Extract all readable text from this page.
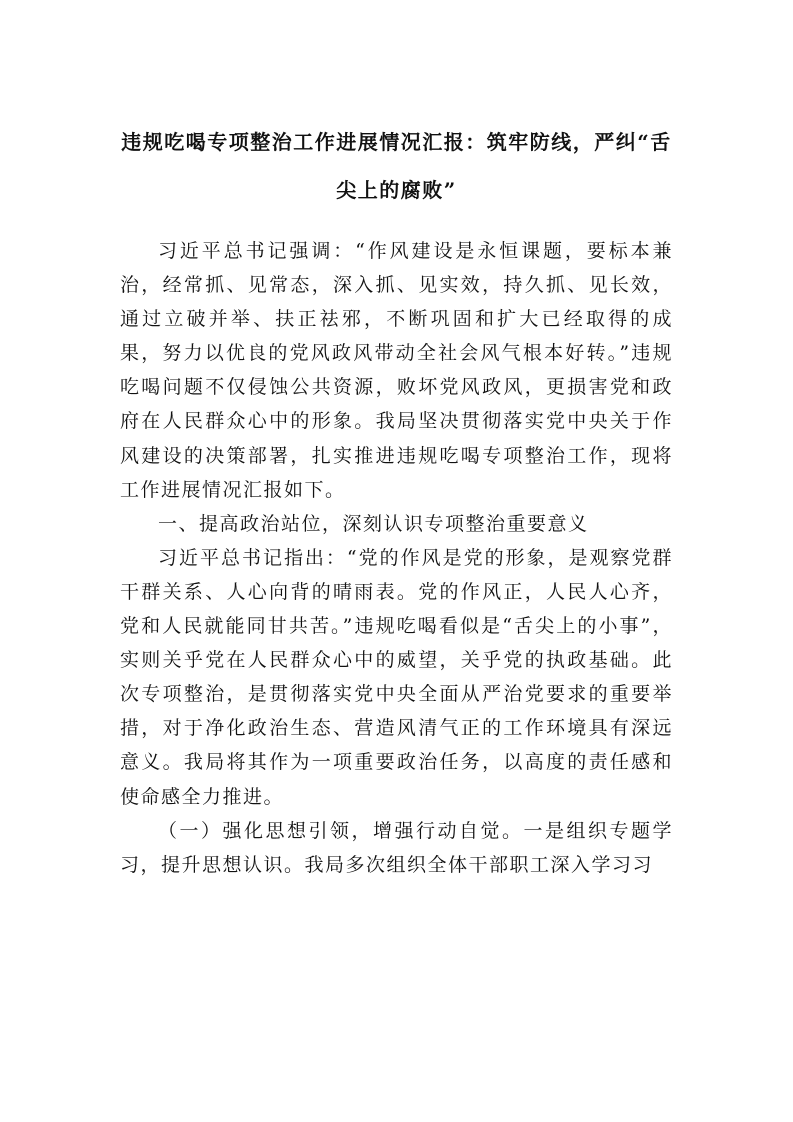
违规吃喝专项整治工作进展情况汇报：筑牢防线，严纠“舌尖上的腐败”

习近平总书记强调：“作风建设是永恒课题，要标本兼治，经常抓、见常态，深入抓、见实效，持久抓、见长效，通过立破并举、扶正祛邪，不断巩固和扩大已经取得的成果，努力以优良的党风政风带动全社会风气根本好转。”违规吃喝问题不仅侵蚀公共资源，败坏党风政风，更损害党和政府在人民群众心中的形象。我局坚决贯彻落实党中央关于作风建设的决策部署，扎实推进违规吃喝专项整治工作，现将工作进展情况汇报如下。

一、提高政治站位，深刻认识专项整治重要意义

习近平总书记指出：“党的作风是党的形象，是观察党群干群关系、人心向背的晴雨表。党的作风正，人民人心齐，党和人民就能同甘共苦。”违规吃喝看似是“舌尖上的小事”，实则关乎党在人民群众心中的威望，关乎党的执政基础。此次专项整治，是贯彻落实党中央全面从严治党要求的重要举措，对于净化政治生态、营造风清气正的工作环境具有深远意义。我局将其作为一项重要政治任务，以高度的责任感和使命感全力推进。

（一）强化思想引领，增强行动自觉。一是组织专题学习，提升思想认识。我局多次组织全体干部职工深入学习习
